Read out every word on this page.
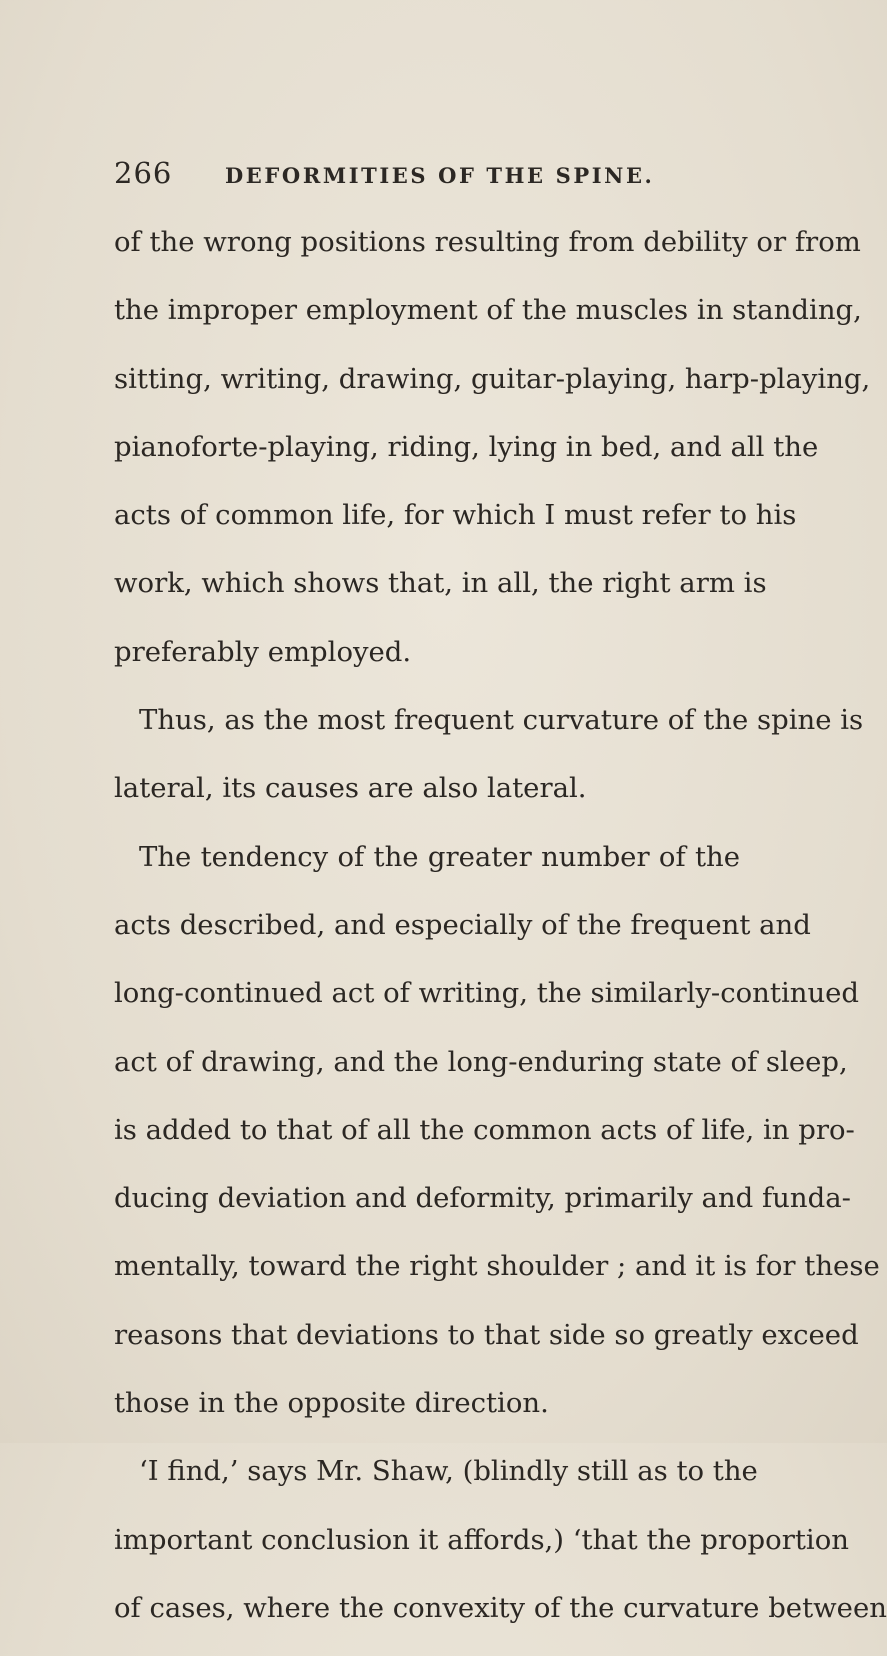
266	DEFORMITIES OF THE SPINE.
of the wrong positions resulting from debility or from
the improper employment of the muscles in standing,
sitting, writing, drawing, guitar-playing, harp-playing,
pianoforte-playing, riding, lying in bed, and all the
acts of common life, for which I must refer to his
work, which shows that, in all, the right arm is
preferably employed.
Thus, as the most frequent curvature of the spine is
lateral, its causes are also lateral.
The tendency of the greater number of the
acts described, and especially of the frequent and
long-continued act of writing, the similarly-continued
act of drawing, and the long-enduring state of sleep,
is added to that of all the common acts of life, in pro-
ducing deviation and deformity, primarily and funda-
mentally, toward the right shoulder ; and it is for these
reasons that deviations to that side so greatly exceed
those in the opposite direction.
‘I find,’ says Mr. Shaw, (blindly still as to the
important conclusion it affords,) ‘that the proportion
of cases, where the convexity of the curvature between
